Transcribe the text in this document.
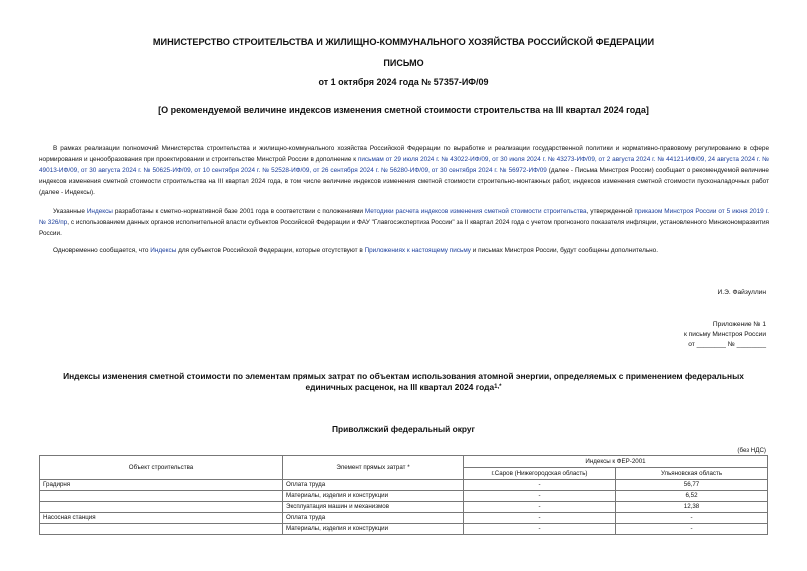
МИНИСТЕРСТВО СТРОИТЕЛЬСТВА И ЖИЛИЩНО-КОММУНАЛЬНОГО ХОЗЯЙСТВА РОССИЙСКОЙ ФЕДЕРАЦИИ
ПИСЬМО
от 1 октября 2024 года № 57357-ИФ/09
[О рекомендуемой величине индексов изменения сметной стоимости строительства на III квартал 2024 года]
В рамках реализации полномочий Министерства строительства и жилищно-коммунального хозяйства Российской Федерации по выработке и реализации государственной политики и нормативно-правовому регулированию в сфере нормирования и ценообразования при проектировании и строительстве Минстрой России в дополнение к письмам от 29 июля 2024 г. № 43022-ИФ/09, от 30 июля 2024 г. № 43273-ИФ/09, от 2 августа 2024 г. № 44121-ИФ/09, 24 августа 2024 г. № 49013-ИФ/09, от 30 августа 2024 г. № 50625-ИФ/09, от 10 сентября 2024 г. № 52528-ИФ/09, от 26 сентября 2024 г. № 56280-ИФ/09, от 30 сентября 2024 г. № 56972-ИФ/09 (далее - Письма Минстроя России) сообщает о рекомендуемой величине индексов изменения сметной стоимости строительства на III квартал 2024 года, в том числе величине индексов изменения сметной стоимости строительно-монтажных работ, индексов изменения сметной стоимости пусконаладочных работ (далее - Индексы).
Указанные Индексы разработаны к сметно-нормативной базе 2001 года в соответствии с положениями Методики расчета индексов изменения сметной стоимости строительства, утвержденной приказом Минстроя России от 5 июня 2019 г. № 326/пр, с использованием данных органов исполнительной власти субъектов Российской Федерации и ФАУ "Главгосэкспертиза России" за II квартал 2024 года с учетом прогнозного показателя инфляции, установленного Минэкономразвития России.
Одновременно сообщается, что Индексы для субъектов Российской Федерации, которые отсутствуют в Приложениях к настоящему письму и письмах Минстроя России, будут сообщены дополнительно.
И.Э. Файзуллин
Приложение № 1
к письму Минстроя России
от ________ № ________
Индексы изменения сметной стоимости по элементам прямых затрат по объектам использования атомной энергии, определяемых с применением федеральных единичных расценок, на III квартал 2024 года$^{1,*}$
Приволжский федеральный округ
(без НДС)
Объект строительства	Элемент прямых затрат *	Индексы к ФЕР-2001	
		г.Саров (Нижегородская область)	Ульяновская область
Градирня	Оплата труда	-	56,77
	Материалы, изделия и конструкции	-	6,52
	Эксплуатация машин и механизмов	-	12,38
Насосная станция	Оплата труда	-	-
	Материалы, изделия и конструкции	-	-
